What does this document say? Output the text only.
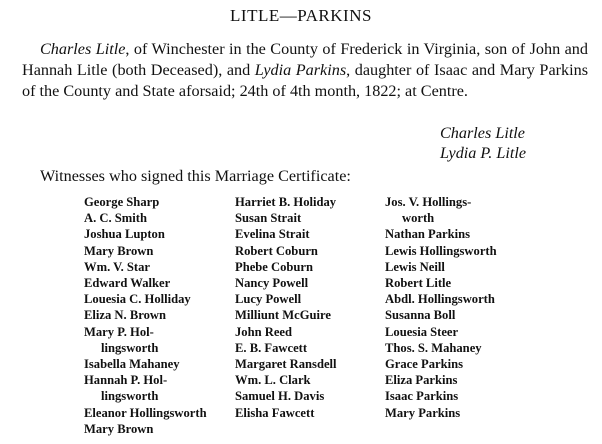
LITLE—PARKINS
Charles Litle, of Winchester in the County of Frederick in Virginia, son of John and Hannah Litle (both Deceased), and Lydia Parkins, daughter of Isaac and Mary Parkins of the County and State aforsaid; 24th of 4th month, 1822; at Centre.
Charles Litle
Lydia P. Litle
Witnesses who signed this Marriage Certificate:
George Sharp
A. C. Smith
Joshua Lupton
Mary Brown
Wm. V. Star
Edward Walker
Louesia C. Holliday
Eliza N. Brown
Mary P. Hol-
lingsworth
Isabella Mahaney
Hannah P. Hol-
lingsworth
Eleanor Hollingsworth
Mary Brown
Harriet B. Holiday
Susan Strait
Evelina Strait
Robert Coburn
Phebe Coburn
Nancy Powell
Lucy Powell
Milliunt McGuire
John Reed
E. B. Fawcett
Margaret Ransdell
Wm. L. Clark
Samuel H. Davis
Elisha Fawcett
Jos. V. Hollings-
worth
Nathan Parkins
Lewis Hollingsworth
Lewis Neill
Robert Litle
Abdl. Hollingsworth
Susanna Boll
Louesia Steer
Thos. S. Mahaney
Grace Parkins
Eliza Parkins
Isaac Parkins
Mary Parkins
